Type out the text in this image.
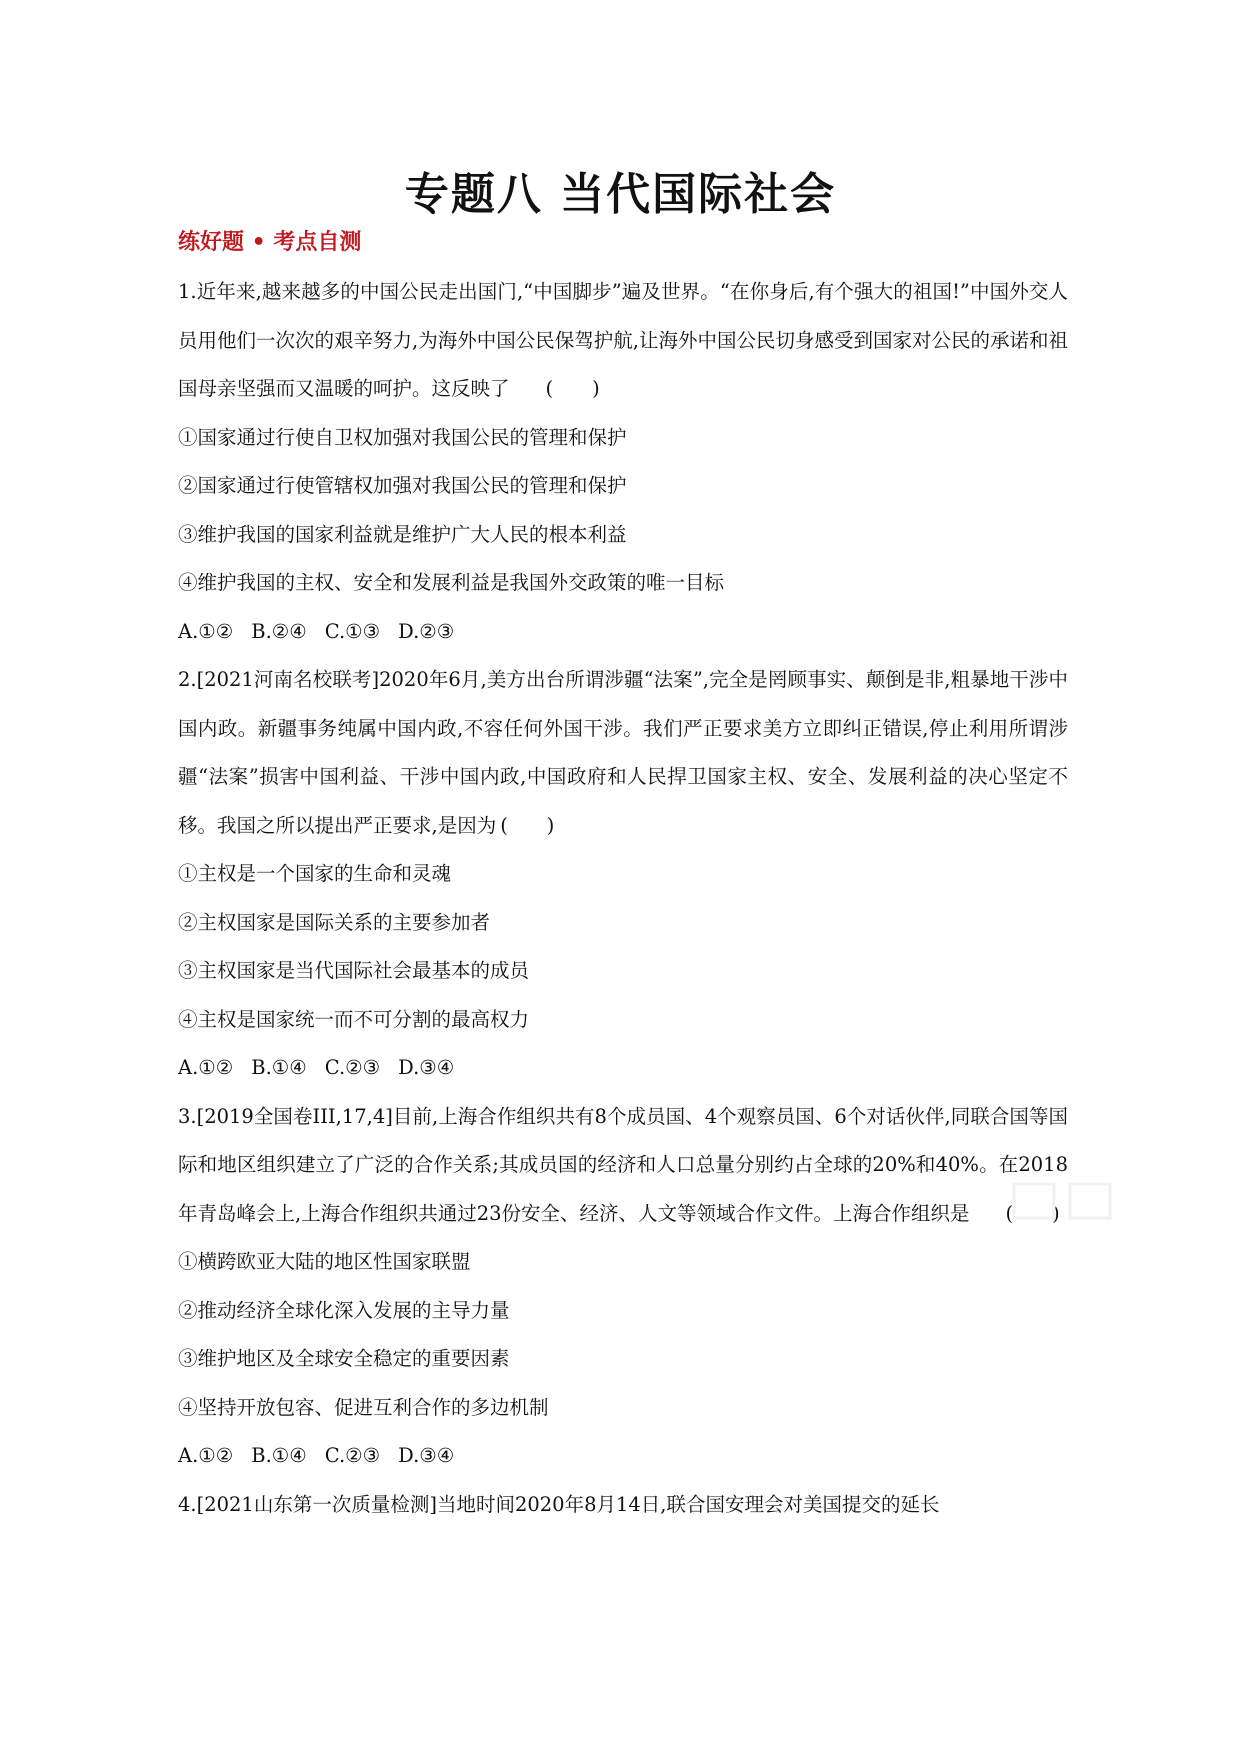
专题八 当代国际社会
练好题 • 考点自测

1.近年来,越来越多的中国公民走出国门,“中国脚步”遍及世界。“在你身后,有个强大的祖国!”中国外交人员用他们一次次的艰辛努力,为海外中国公民保驾护航,让海外中国公民切身感受到国家对公民的承诺和祖国母亲坚强而又温暖的呵护。这反映了 (　　)

①国家通过行使自卫权加强对我国公民的管理和保护

②国家通过行使管辖权加强对我国公民的管理和保护

③维护我国的国家利益就是维护广大人民的根本利益

④维护我国的主权、安全和发展利益是我国外交政策的唯一目标

A.①② B.②④ C.①③ D.②③

2.[2021河南名校联考]2020年6月,美方出台所谓涉疆“法案”,完全是罔顾事实、颠倒是非,粗暴地干涉中国内政。新疆事务纯属中国内政,不容任何外国干涉。我们严正要求美方立即纠正错误,停止利用所谓涉疆“法案”损害中国利益、干涉中国内政,中国政府和人民捍卫国家主权、安全、发展利益的决心坚定不移。我国之所以提出严正要求,是因为 (　　)

①主权是一个国家的生命和灵魂

②主权国家是国际关系的主要参加者

③主权国家是当代国际社会最基本的成员

④主权是国家统一而不可分割的最高权力

A.①② B.①④ C.②③ D.③④

3.[2019全国卷III,17,4]目前,上海合作组织共有8个成员国、4个观察员国、6个对话伙伴,同联合国等国际和地区组织建立了广泛的合作关系;其成员国的经济和人口总量分别约占全球的20%和40%。在2018年青岛峰会上,上海合作组织共通过23份安全、经济、人文等领域合作文件。上海合作组织是 (　　)

①横跨欧亚大陆的地区性国家联盟

②推动经济全球化深入发展的主导力量

③维护地区及全球安全稳定的重要因素

④坚持开放包容、促进互利合作的多边机制

A.①② B.①④ C.②③ D.③④

4.[2021山东第一次质量检测]当地时间2020年8月14日,联合国安理会对美国提交的延长
